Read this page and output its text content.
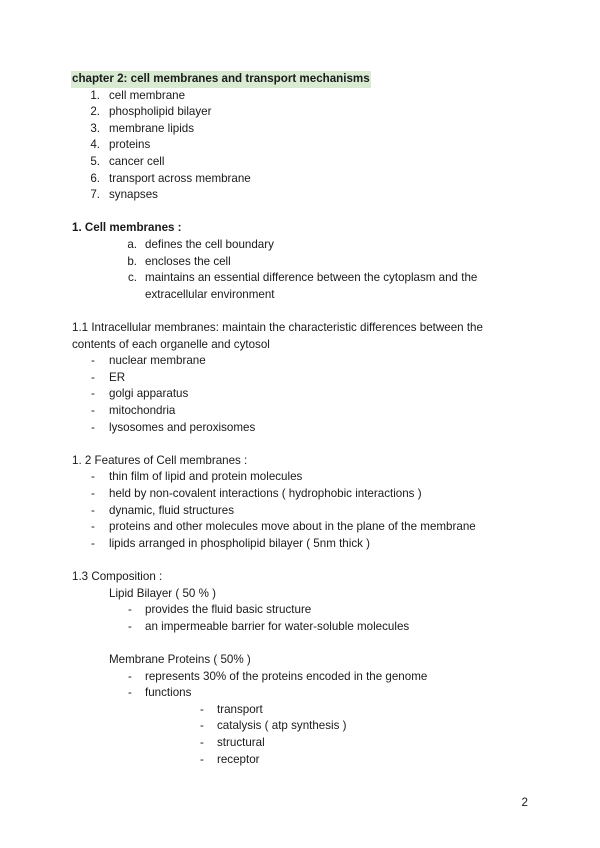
chapter 2: cell membranes and transport mechanisms
1. cell membrane
2. phospholipid bilayer
3. membrane lipids
4. proteins
5. cancer cell
6. transport across membrane
7. synapses
1. Cell membranes :
a. defines the cell boundary
b. encloses the cell
c. maintains an essential difference between the cytoplasm and the
extracellular environment
1.1 Intracellular membranes: maintain the characteristic differences between the
contents of each organelle and cytosol
- nuclear membrane
- ER
- golgi apparatus
- mitochondria
- lysosomes and peroxisomes
1. 2 Features of Cell membranes :
- thin film of lipid and protein molecules
- held by non-covalent interactions ( hydrophobic interactions )
- dynamic, fluid structures
- proteins and other molecules move about in the plane of the membrane
- lipids arranged in phospholipid bilayer ( 5nm thick )
1.3 Composition :
Lipid Bilayer ( 50 % )
- provides the fluid basic structure
- an impermeable barrier for water-soluble molecules
Membrane Proteins ( 50% )
- represents 30% of the proteins encoded in the genome
- functions
- transport
- catalysis ( atp synthesis )
- structural
- receptor
2
